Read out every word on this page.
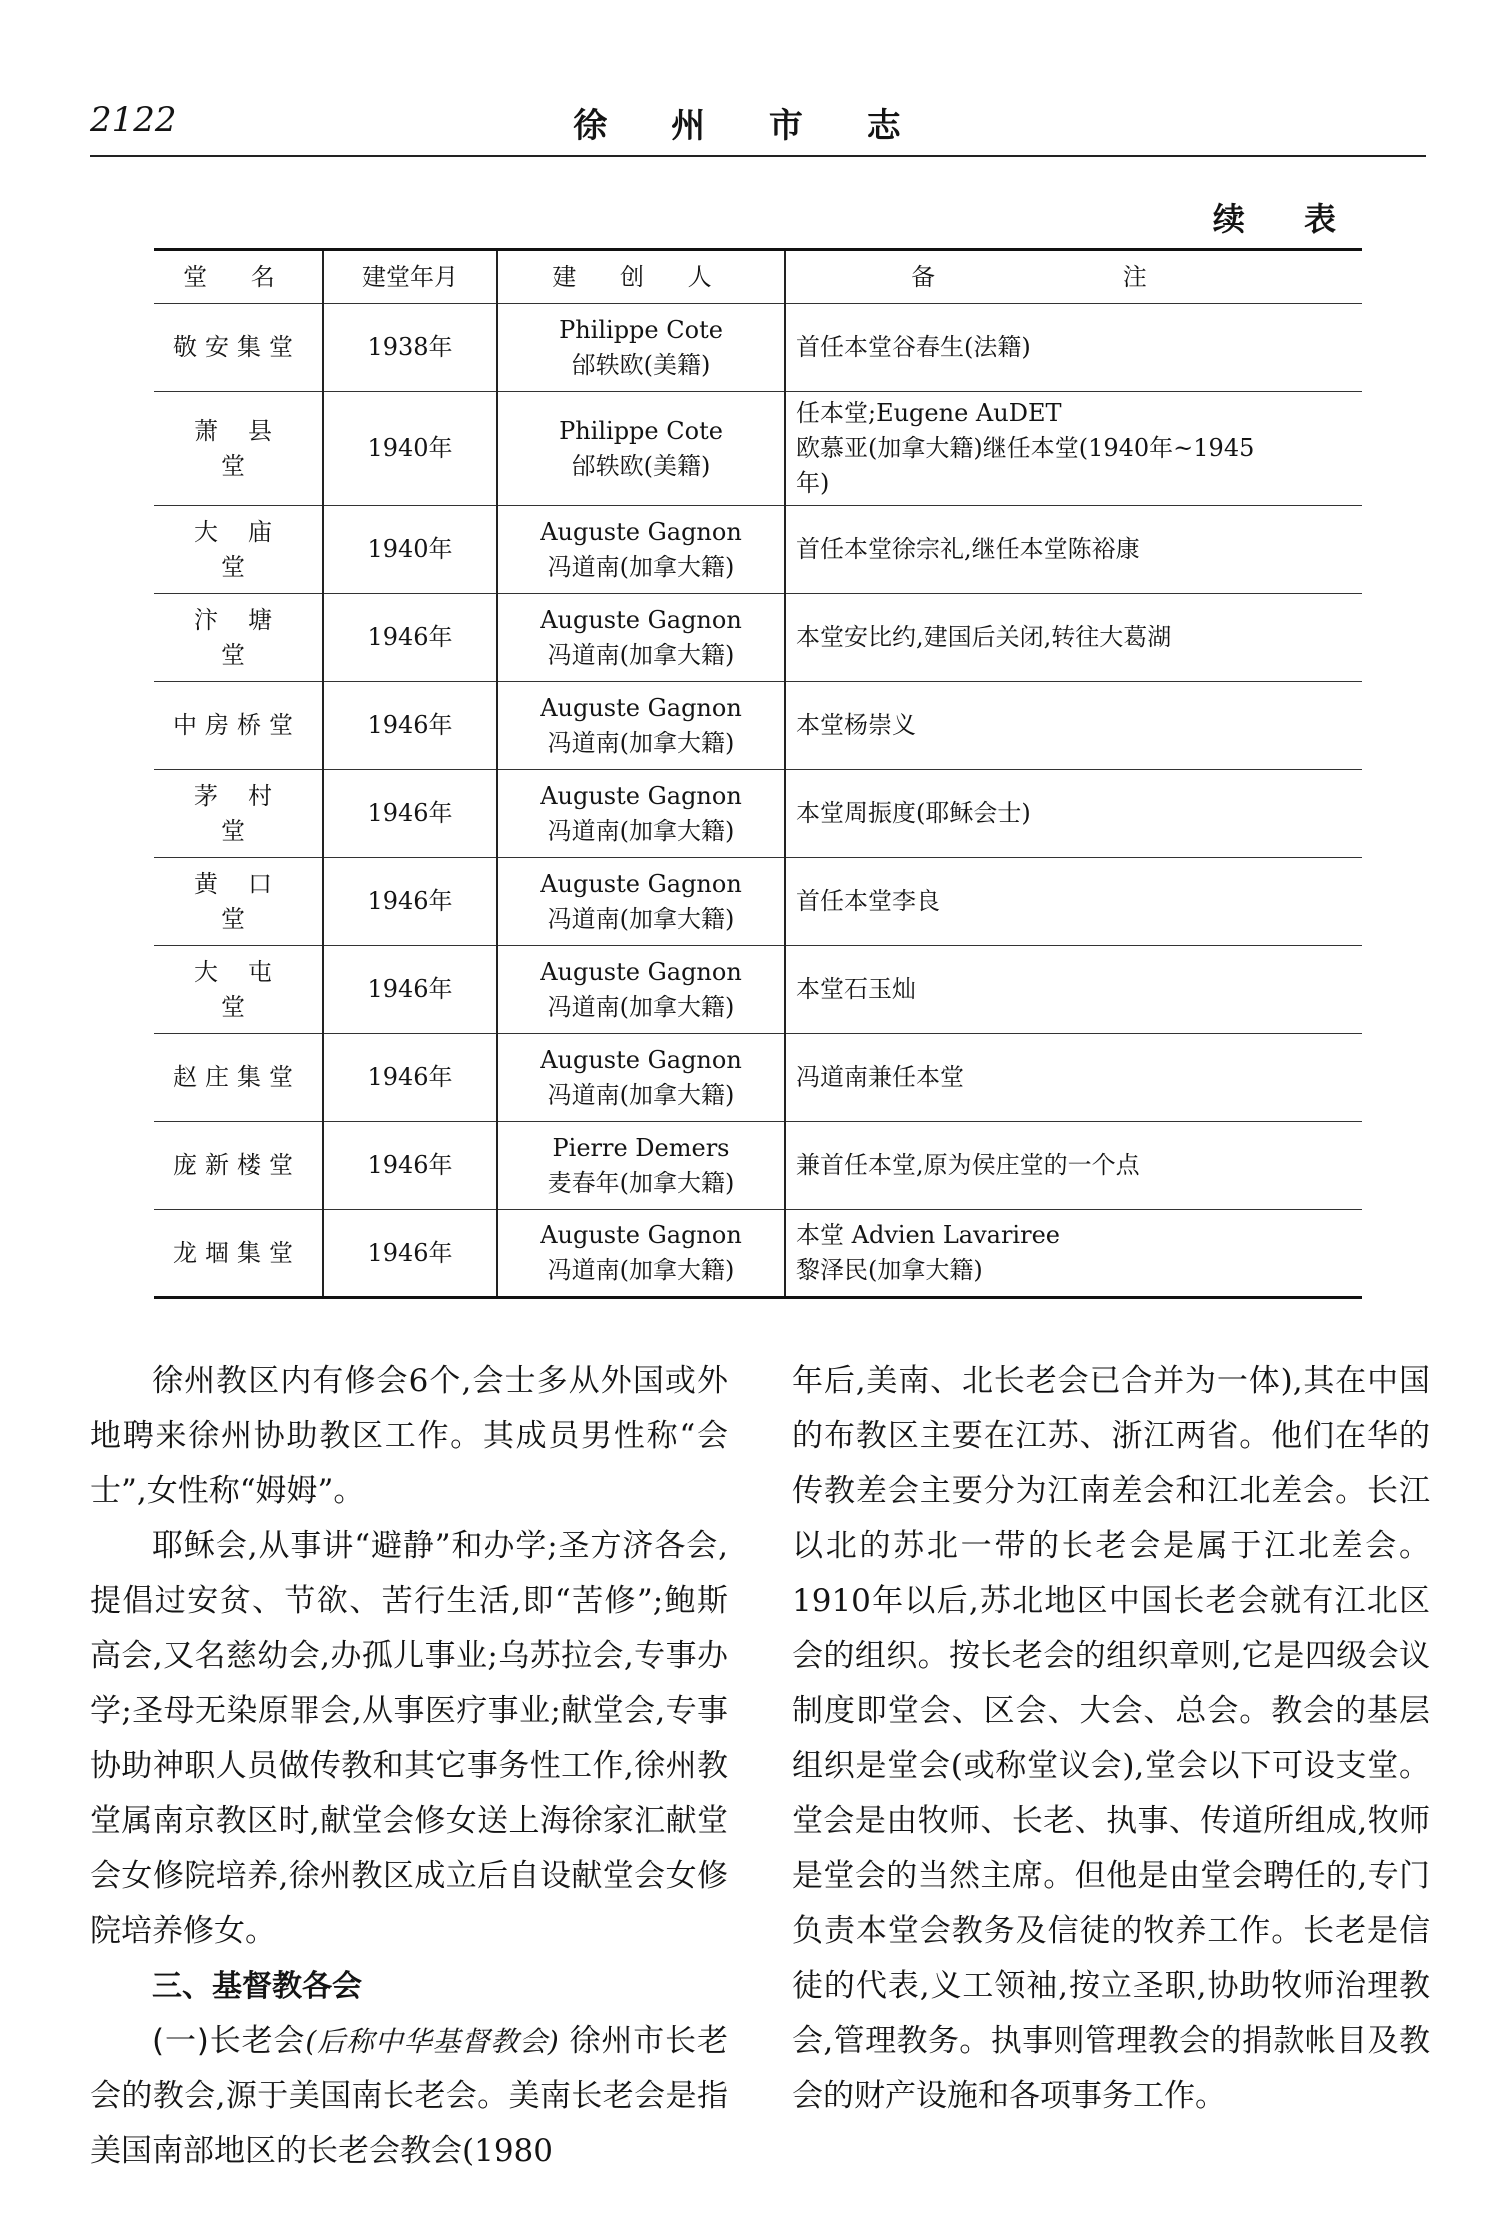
2122	徐 州 市 志
续 表
堂 名	建堂年月	建 创 人	备 注
敬安集堂	1938年	Philippe Cote
邰轶欧(美籍)	首任本堂谷春生(法籍)

萧县堂	1940年	Philippe Cote
邰轶欧(美籍)	任本堂;Eugene AuDET
欧慕亚(加拿大籍)继任本堂(1940年~1945
年)

大庙堂	1940年	Auguste Gagnon
冯道南(加拿大籍)	首任本堂徐宗礼,继任本堂陈裕康

汴塘堂	1946年	Auguste Gagnon
冯道南(加拿大籍)	本堂安比约,建国后关闭,转往大葛湖

中房桥堂	1946年	Auguste Gagnon
冯道南(加拿大籍)	本堂杨崇义

茅村堂	1946年	Auguste Gagnon
冯道南(加拿大籍)	本堂周振度(耶稣会士)

黄口堂	1946年	Auguste Gagnon
冯道南(加拿大籍)	首任本堂李良

大屯堂	1946年	Auguste Gagnon
冯道南(加拿大籍)	本堂石玉灿

赵庄集堂	1946年	Auguste Gagnon
冯道南(加拿大籍)	冯道南兼任本堂

庞新楼堂	1946年	Pierre Demers
麦春年(加拿大籍)	兼首任本堂,原为侯庄堂的一个点

龙堌集堂	1946年	Auguste Gagnon
冯道南(加拿大籍)	本堂 Advien Lavariree
黎泽民(加拿大籍)

徐州教区内有修会6个,会士多从外国或外地聘来徐州协助教区工作。其成员男性称“会士”,女性称“姆姆”。

耶稣会,从事讲“避静”和办学;圣方济各会,提倡过安贫、节欲、苦行生活,即“苦修”;鲍斯高会,又名慈幼会,办孤儿事业;乌苏拉会,专事办学;圣母无染原罪会,从事医疗事业;献堂会,专事协助神职人员做传教和其它事务性工作,徐州教堂属南京教区时,献堂会修女送上海徐家汇献堂会女修院培养,徐州教区成立后自设献堂会女修院培养修女。

三、基督教各会

(一)长老会(后称中华基督教会) 徐州市长老会的教会,源于美国南长老会。美南长老会是指美国南部地区的长老会教会(1980

年后,美南、北长老会已合并为一体),其在中国的布教区主要在江苏、浙江两省。他们在华的传教差会主要分为江南差会和江北差会。长江以北的苏北一带的长老会是属于江北差会。1910年以后,苏北地区中国长老会就有江北区会的组织。按长老会的组织章则,它是四级会议制度即堂会、区会、大会、总会。教会的基层组织是堂会(或称堂议会),堂会以下可设支堂。堂会是由牧师、长老、执事、传道所组成,牧师是堂会的当然主席。但他是由堂会聘任的,专门负责本堂会教务及信徒的牧养工作。长老是信徒的代表,义工领袖,按立圣职,协助牧师治理教会,管理教务。执事则管理教会的捐款帐目及教会的财产设施和各项事务工作。
